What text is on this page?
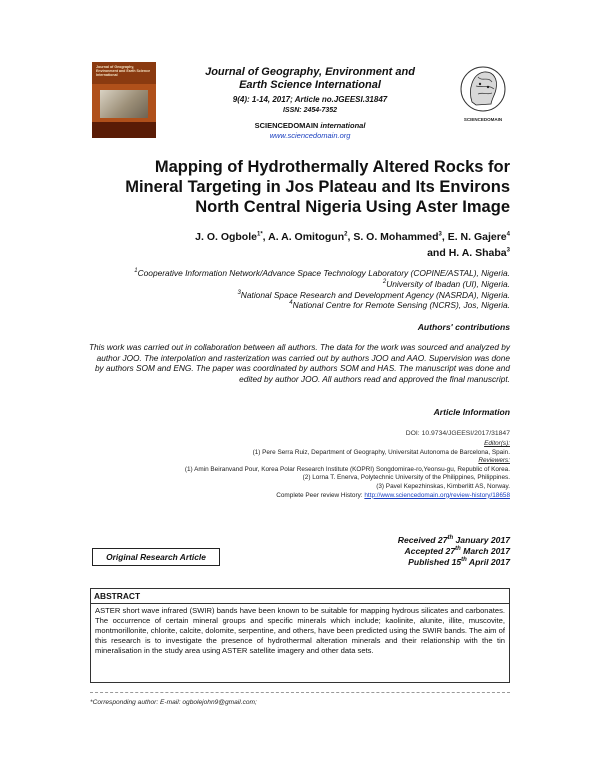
Journal of Geography, Environment and Earth Science International	Journal of Geography, Environment and
Earth Science International
9(4): 1-14, 2017; Article no.JGEESI.31847
ISSN: 2454-7352
SCIENCEDOMAIN international
www.sciencedomain.org
SCIENCEDOMAIN
Mapping of Hydrothermally Altered Rocks for
Mineral Targeting in Jos Plateau and Its Environs
North Central Nigeria Using Aster Image
J. O. Ogbole$^{1*}$, A. A. Omitogun$^2$, S. O. Mohammed$^3$, E. N. Gajere$^4$
and H. A. Shaba$^3$
$^1$Cooperative Information Network/Advance Space Technology Laboratory (COPINE/ASTAL), Nigeria.
$^2$University of Ibadan (UI), Nigeria.
$^3$National Space Research and Development Agency (NASRDA), Nigeria.
$^4$National Centre for Remote Sensing (NCRS), Jos, Nigeria.
Authors' contributions
This work was carried out in collaboration between all authors. The data for the work was sourced and analyzed by author JOO. The interpolation and rasterization was carried out by authors JOO and AAO. Supervision was done by authors SOM and ENG. The paper was coordinated by authors SOM and HAS. The manuscript was done and edited by author JOO. All authors read and approved the final manuscript.
Article Information
DOI: 10.9734/JGEESI/2017/31847
Editor(s):
(1) Pere Serra Ruiz, Department of Geography, Universitat Autonoma de Barcelona, Spain.
Reviewers:
(1) Amin Beiranvand Pour, Korea Polar Research Institute (KOPRI) Songdomirae-ro,Yeonsu-gu, Republic of Korea.
(2) Lorna T. Enerva, Polytechnic University of the Philippines, Philippines.
(3) Pavel Kepezhinskas, Kimberlitt AS, Norway.
Complete Peer review History: http://www.sciencedomain.org/review-history/18658
Original Research Article
Received 27th January 2017
Accepted 27th March 2017
Published 15th April 2017
ABSTRACT
ASTER short wave infrared (SWIR) bands have been known to be suitable for mapping hydrous silicates and carbonates. The occurrence of certain mineral groups and specific minerals which include; kaolinite, alunite, illite, muscovite, montmorillonite, chlorite, calcite, dolomite, serpentine, and others, have been predicted using the SWIR bands. The aim of this research is to investigate the presence of hydrothermal alteration minerals and their relationship with the tin mineralisation in the study area using ASTER satellite imagery and other data sets.
*Corresponding author: E-mail: ogbolejohn9@gmail.com;
